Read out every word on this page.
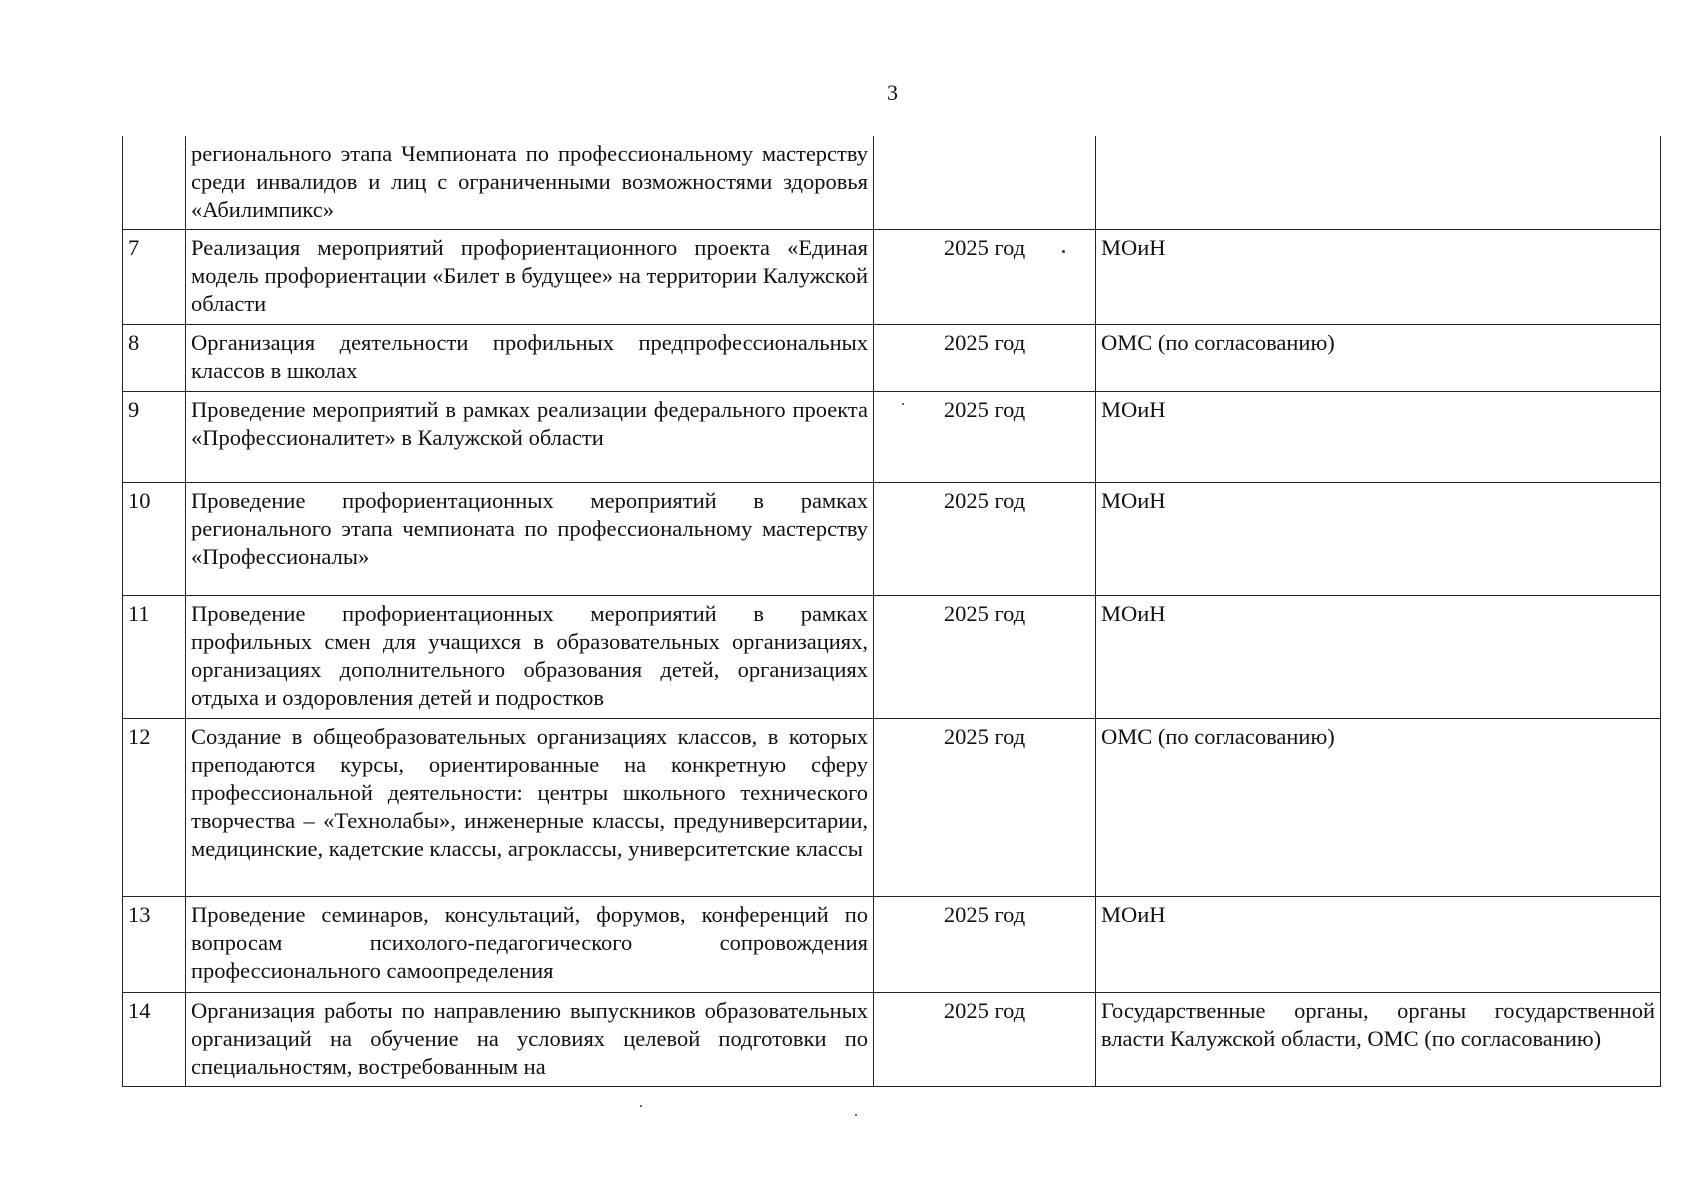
3
	регионального этапа Чемпионата по профессиональному мастерству среди инвалидов и лиц с ограниченными возможностями здоровья «Абилимпикс»		
7	Реализация мероприятий профориентационного проекта «Единая модель профориентации «Билет в будущее» на территории Калужской области	2025 год	МОиН
8	Организация деятельности профильных предпрофессиональных классов в школах	2025 год	ОМС (по согласованию)
9	Проведение мероприятий в рамках реализации федерального проекта «Профессионалитет» в Калужской области	2025 год	МОиН
10	Проведение профориентационных мероприятий в рамках регионального этапа чемпионата по профессиональному мастерству «Профессионалы»	2025 год	МОиН
11	Проведение профориентационных мероприятий в рамках профильных смен для учащихся в образовательных организациях, организациях дополнительного образования детей, организациях отдыха и оздоровления детей и подростков	2025 год	МОиН
12	Создание в общеобразовательных организациях классов, в которых преподаются курсы, ориентированные на конкретную сферу профессиональной деятельности: центры школьного технического творчества – «Технолабы», инженерные классы, предуниверситарии, медицинские, кадетские классы, агроклассы, университетские классы	2025 год	ОМС (по согласованию)
13	Проведение семинаров, консультаций, форумов, конференций по вопросам психолого-педагогического сопровождения профессионального самоопределения	2025 год	МОиН
14	Организация работы по направлению выпускников образовательных организаций на обучение на условиях целевой подготовки по специальностям, востребованным на	2025 год	Государственные органы, органы государственной власти Калужской области, ОМС (по согласованию)
